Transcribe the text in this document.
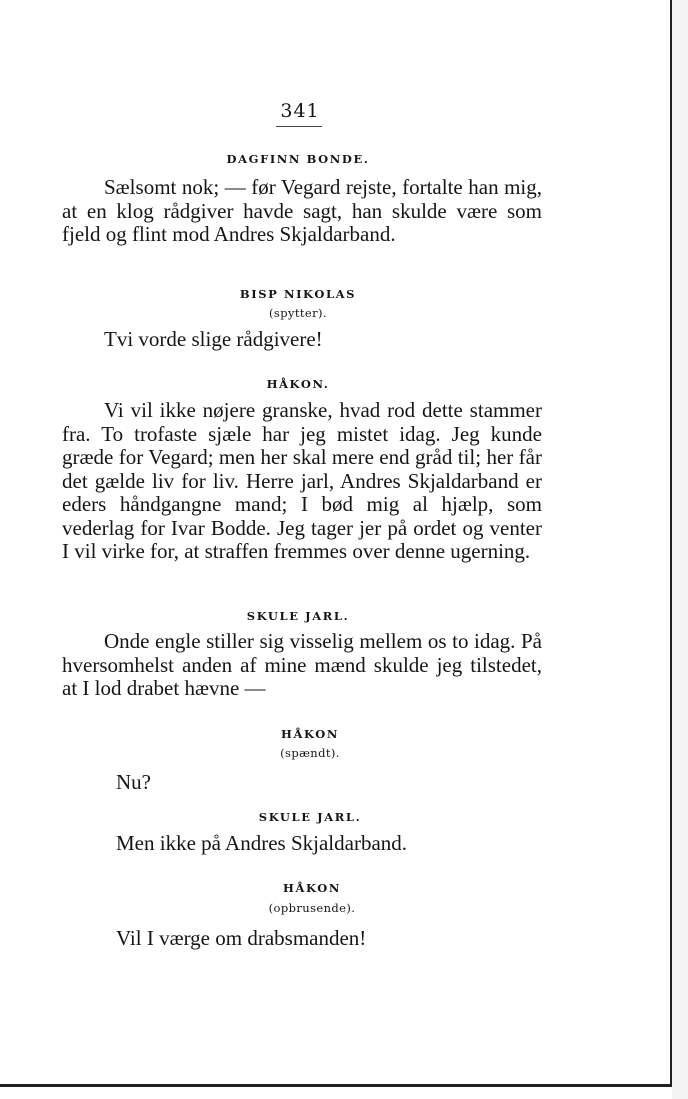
341
DAGFINN BONDE.

Sælsomt nok; — før Vegard rejste, fortalte han mig, at en klog rådgiver havde sagt, han skulde være som fjeld og flint mod Andres Skjaldarband.

BISP NIKOLAS
(spytter).
Tvi vorde slige rådgivere!
HÅKON.

Vi vil ikke nøjere granske, hvad rod dette stammer fra. To trofaste sjæle har jeg mistet idag. Jeg kunde græde for Vegard; men her skal mere end gråd til; her får det gælde liv for liv. Herre jarl, Andres Skjaldarband er eders håndgangne mand; I bød mig al hjælp, som vederlag for Ivar Bodde. Jeg tager jer på ordet og venter I vil virke for, at straffen fremmes over denne ugerning.

SKULE JARL.

Onde engle stiller sig visselig mellem os to idag. På hversomhelst anden af mine mænd skulde jeg tilstedet, at I lod drabet hævne —

HÅKON
(spændt).
Nu?
SKULE JARL.
Men ikke på Andres Skjaldarband.
HÅKON
(opbrusende).
Vil I værge om drabsmanden!
